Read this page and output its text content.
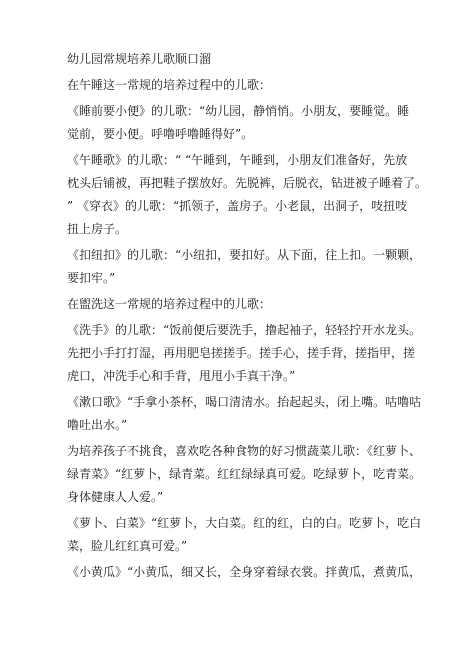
幼儿园常规培养儿歌顺口溜
在午睡这一常规的培养过程中的儿歌：
《睡前要小便》的儿歌：“幼儿园，静悄悄。小朋友，要睡觉。睡
觉前，要小便。呼噜呼噜睡得好”。
《午睡歌》的儿歌：“ “午睡到，午睡到，小朋友们准备好，先放
枕头后铺被，再把鞋子摆放好。先脱裤，后脱衣，钻进被子睡着了。
” 《穿衣》的儿歌：“抓领子，盖房子。小老鼠，出洞子，吱扭吱
扭上房子。
《扣纽扣》的儿歌：“小纽扣，要扣好。从下面，往上扣。一颗颗，
要扣牢。”
在盥洗这一常规的培养过程中的儿歌：
《洗手》的儿歌：“饭前便后要洗手，撸起袖子，轻轻拧开水龙头。
先把小手打打湿，再用肥皂搓搓手。搓手心，搓手背，搓指甲，搓
虎口，冲洗手心和手背，甩甩小手真干净。”
《漱口歌》“手拿小茶杯，喝口清清水。抬起起头，闭上嘴。咕噜咕
噜吐出水。”
为培养孩子不挑食，喜欢吃各种食物的好习惯蔬菜儿歌：《红萝卜、
绿青菜》“红萝卜，绿青菜。红红绿绿真可爱。吃绿萝卜，吃青菜。
身体健康人人爱。”
《萝卜、白菜》“红萝卜，大白菜。红的红，白的白。吃萝卜，吃白
菜，脸儿红红真可爱。”
《小黄瓜》“小黄瓜，细又长，全身穿着绿衣裳。拌黄瓜，煮黄瓜，
